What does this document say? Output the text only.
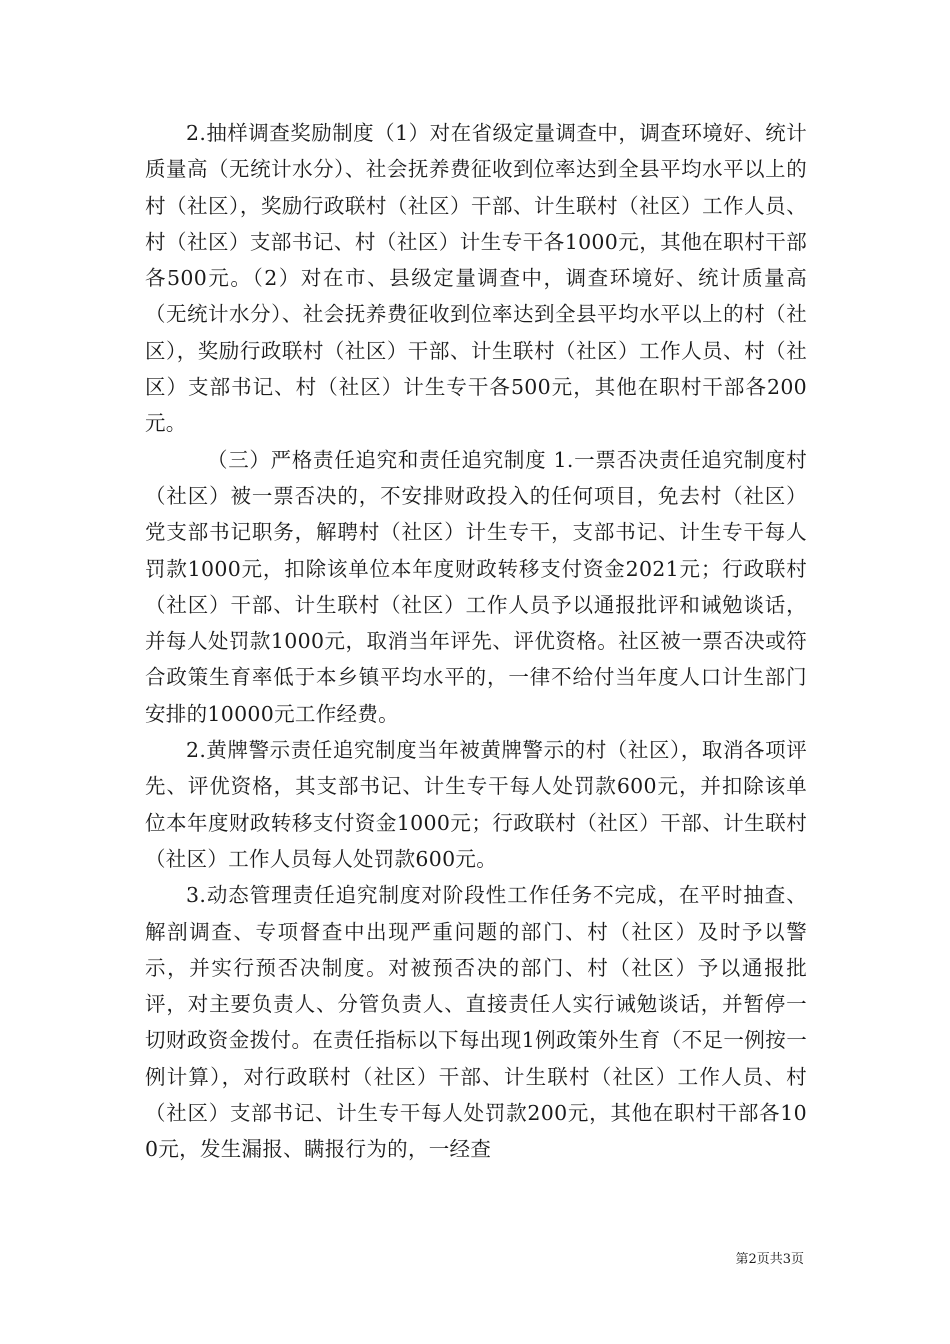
2.抽样调查奖励制度（1）对在省级定量调查中，调查环境好、统计质量高（无统计水分）、社会抚养费征收到位率达到全县平均水平以上的村（社区），奖励行政联村（社区）干部、计生联村（社区）工作人员、村（社区）支部书记、村（社区）计生专干各1000元，其他在职村干部各500元。（2）对在市、县级定量调查中，调查环境好、统计质量高（无统计水分）、社会抚养费征收到位率达到全县平均水平以上的村（社区），奖励行政联村（社区）干部、计生联村（社区）工作人员、村（社区）支部书记、村（社区）计生专干各500元，其他在职村干部各200元。

（三）严格责任追究和责任追究制度 1.一票否决责任追究制度村（社区）被一票否决的，不安排财政投入的任何项目，免去村（社区）党支部书记职务，解聘村（社区）计生专干，支部书记、计生专干每人罚款1000元，扣除该单位本年度财政转移支付资金2021元；行政联村（社区）干部、计生联村（社区）工作人员予以通报批评和诫勉谈话，并每人处罚款1000元，取消当年评先、评优资格。社区被一票否决或符合政策生育率低于本乡镇平均水平的，一律不给付当年度人口计生部门安排的10000元工作经费。

2.黄牌警示责任追究制度当年被黄牌警示的村（社区），取消各项评先、评优资格，其支部书记、计生专干每人处罚款600元，并扣除该单位本年度财政转移支付资金1000元；行政联村（社区）干部、计生联村（社区）工作人员每人处罚款600元。

3.动态管理责任追究制度对阶段性工作任务不完成，在平时抽查、解剖调查、专项督查中出现严重问题的部门、村（社区）及时予以警示，并实行预否决制度。对被预否决的部门、村（社区）予以通报批评，对主要负责人、分管负责人、直接责任人实行诫勉谈话，并暂停一切财政资金拨付。在责任指标以下每出现1例政策外生育（不足一例按一例计算），对行政联村（社区）干部、计生联村（社区）工作人员、村（社区）支部书记、计生专干每人处罚款200元，其他在职村干部各100元，发生漏报、瞒报行为的，一经查

第2页共3页
